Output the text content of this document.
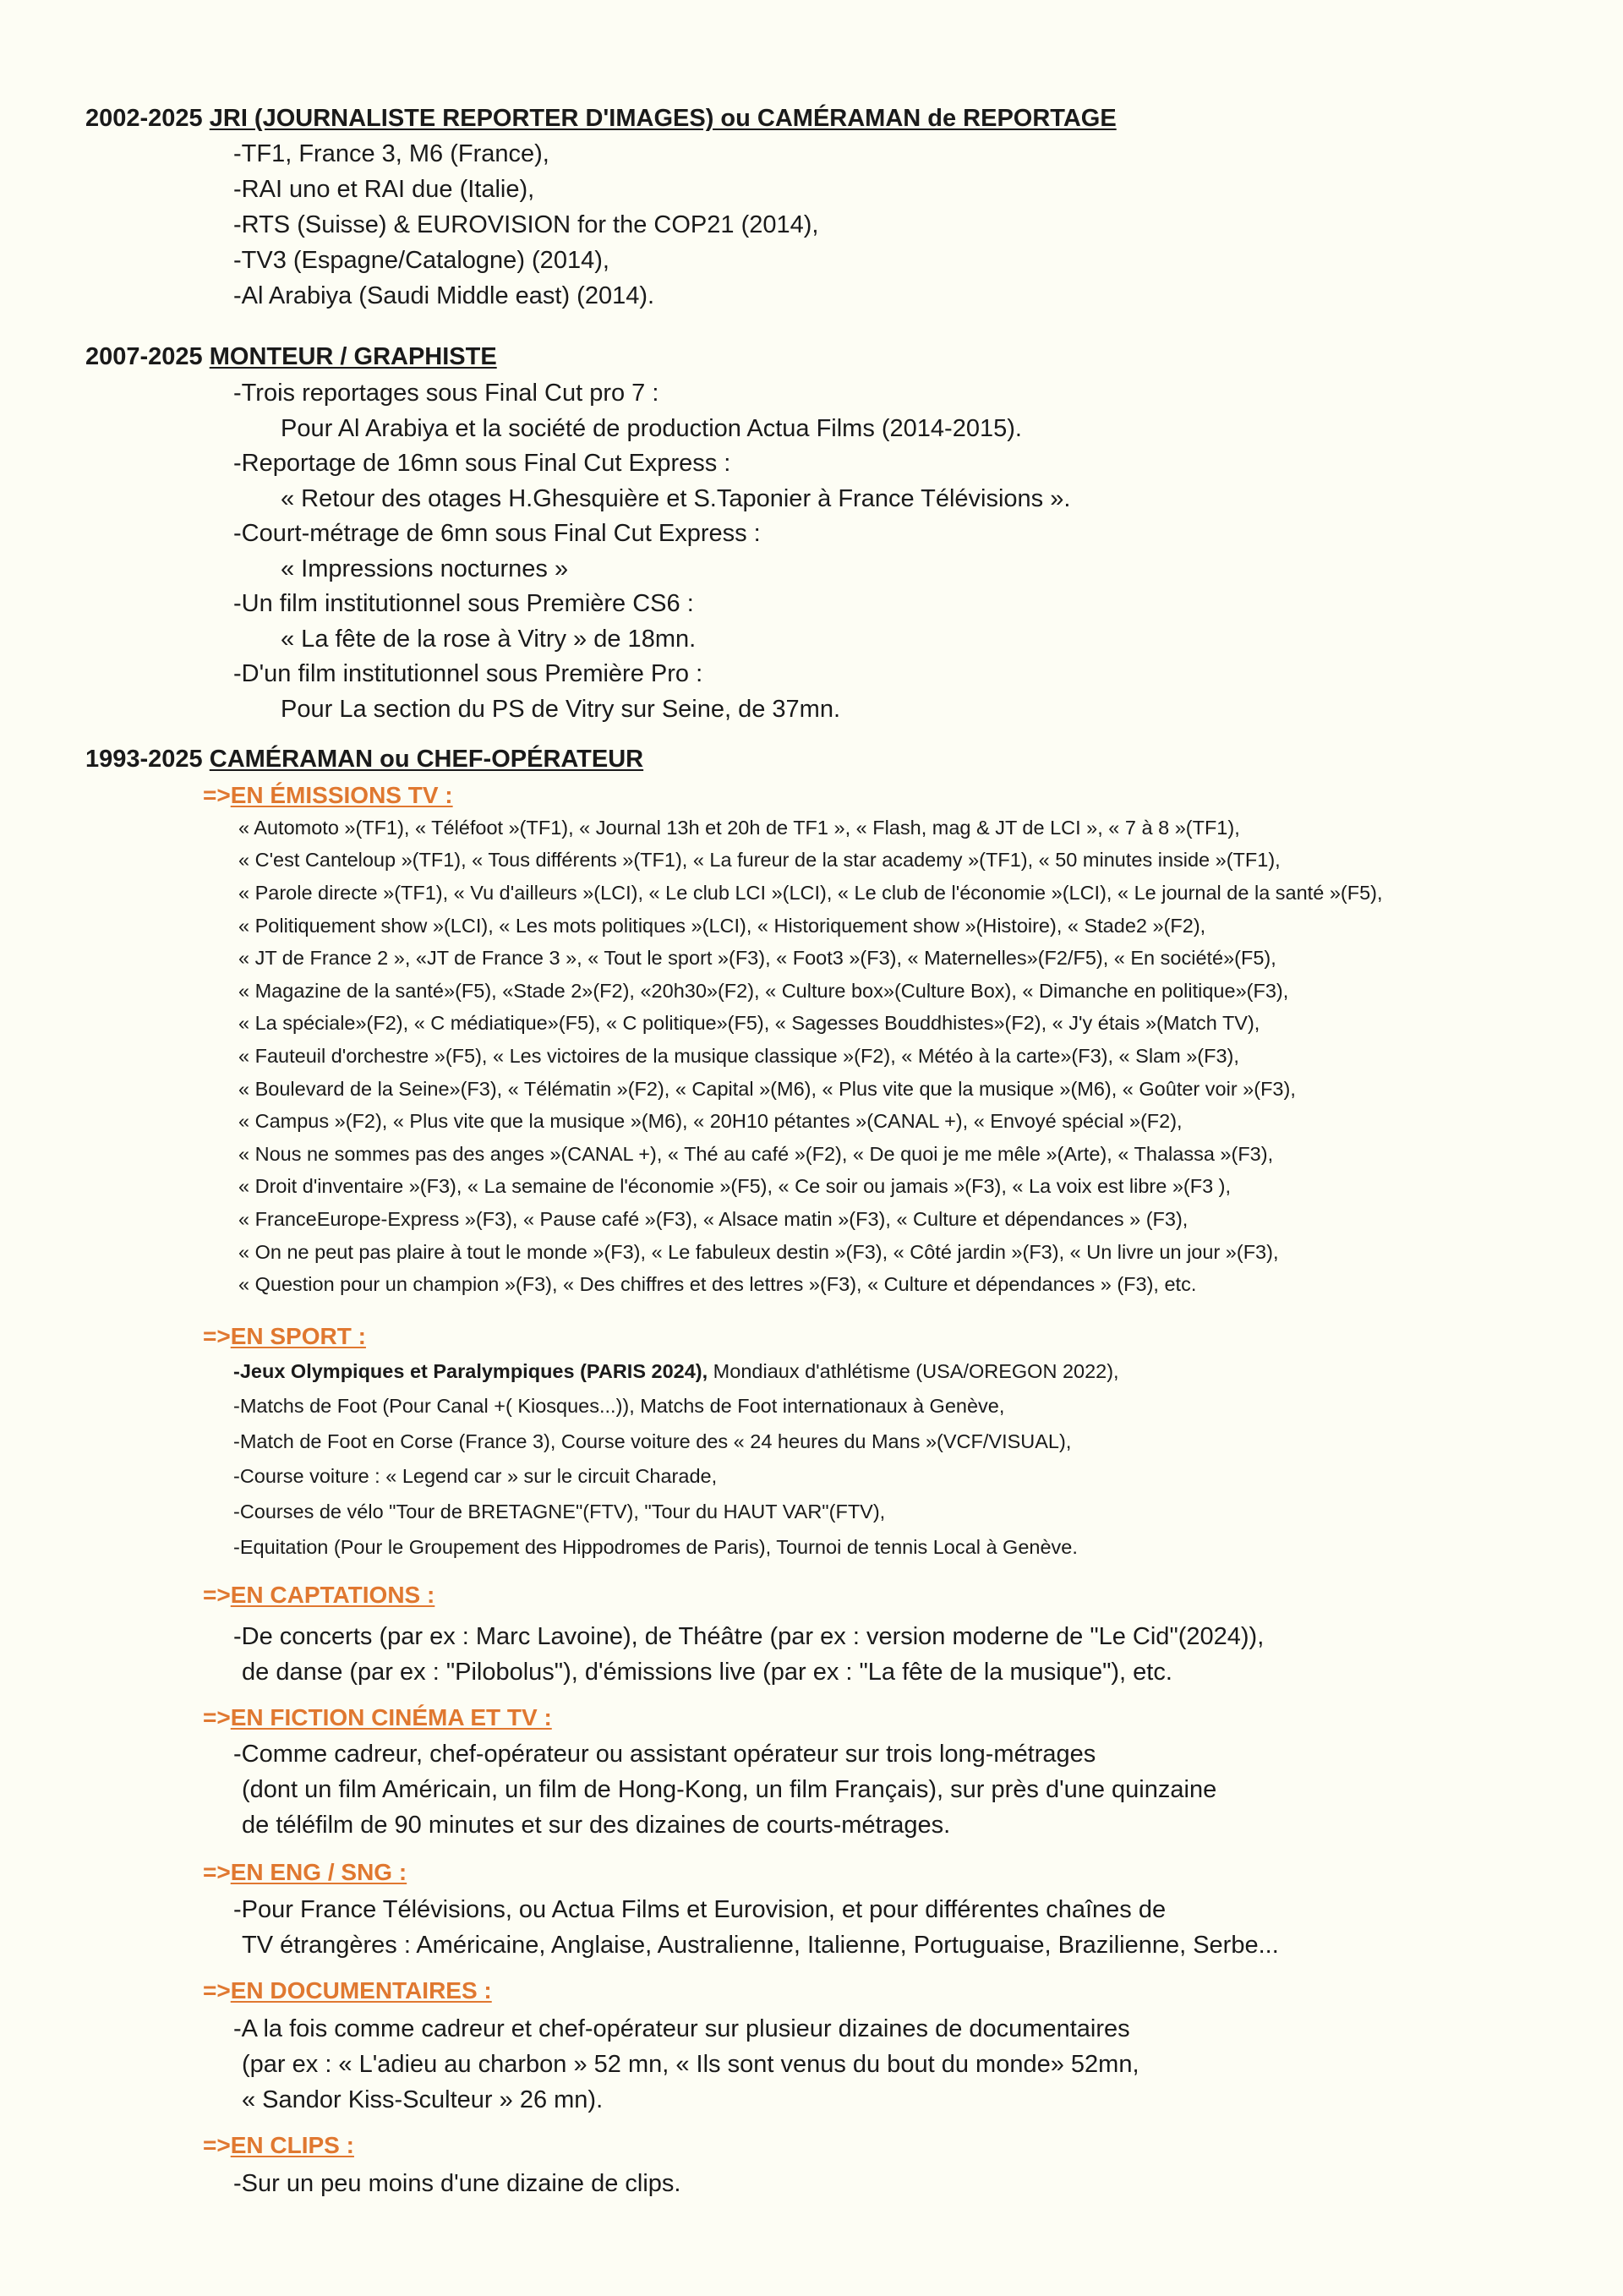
2002-2025 JRI (JOURNALISTE REPORTER D'IMAGES) ou CAMÉRAMAN de REPORTAGE
-TF1, France 3, M6 (France),
-RAI uno et RAI due (Italie),
-RTS (Suisse) & EUROVISION for the COP21 (2014),
-TV3 (Espagne/Catalogne) (2014),
-Al Arabiya (Saudi Middle east) (2014).
2007-2025 MONTEUR / GRAPHISTE
-Trois reportages sous Final Cut pro 7 :
Pour Al Arabiya et la société de production Actua Films (2014-2015).
-Reportage de 16mn sous Final Cut Express :
« Retour des otages H.Ghesquière et S.Taponier à France Télévisions ».
-Court-métrage de 6mn sous Final Cut Express :
« Impressions nocturnes »
-Un film institutionnel sous Première CS6 :
« La fête de la rose à Vitry » de 18mn.
-D'un film institutionnel sous Première Pro :
Pour La section du PS de Vitry sur Seine, de 37mn.
1993-2025 CAMÉRAMAN ou CHEF-OPÉRATEUR
=>EN ÉMISSIONS TV :
« Automoto »(TF1), « Téléfoot »(TF1), « Journal 13h et 20h de TF1 », « Flash, mag & JT de LCI », « 7 à 8 »(TF1),
« C'est Canteloup »(TF1), « Tous différents »(TF1), « La fureur de la star academy »(TF1), « 50 minutes inside »(TF1),
« Parole directe »(TF1), « Vu d'ailleurs »(LCI), « Le club LCI »(LCI), « Le club de l'économie »(LCI), « Le journal de la santé »(F5),
« Politiquement show »(LCI), « Les mots politiques »(LCI), « Historiquement show »(Histoire), « Stade2 »(F2),
« JT de France 2 », «JT de France 3 », « Tout le sport »(F3), « Foot3 »(F3), « Maternelles»(F2/F5), « En société»(F5),
« Magazine de la santé»(F5), «Stade 2»(F2), «20h30»(F2), « Culture box»(Culture Box), « Dimanche en politique»(F3),
« La spéciale»(F2), « C médiatique»(F5), « C politique»(F5), « Sagesses Bouddhistes»(F2), « J'y étais »(Match TV),
« Fauteuil d'orchestre »(F5), « Les victoires de la musique classique »(F2), « Météo à la carte»(F3), « Slam »(F3),
« Boulevard de la Seine»(F3), « Télématin »(F2), « Capital »(M6), « Plus vite que la musique »(M6), « Goûter voir »(F3),
« Campus »(F2), « Plus vite que la musique »(M6), « 20H10 pétantes »(CANAL +), « Envoyé spécial »(F2),
« Nous ne sommes pas des anges »(CANAL +), « Thé au café »(F2), « De quoi je me mêle »(Arte), « Thalassa »(F3),
« Droit d'inventaire »(F3), « La semaine de l'économie »(F5), « Ce soir ou jamais »(F3), « La voix est libre »(F3 ),
« FranceEurope-Express »(F3), « Pause café »(F3), « Alsace matin »(F3), « Culture et dépendances » (F3),
« On ne peut pas plaire à tout le monde »(F3), « Le fabuleux destin »(F3), « Côté jardin »(F3), « Un livre un jour »(F3),
« Question pour un champion »(F3), « Des chiffres et des lettres »(F3), « Culture et dépendances » (F3), etc.
=>EN SPORT :
-Jeux Olympiques et Paralympiques (PARIS 2024), Mondiaux d'athlétisme (USA/OREGON 2022),
-Matchs de Foot (Pour Canal +( Kiosques...)), Matchs de Foot internationaux à Genève,
-Match de Foot en Corse (France 3), Course voiture des « 24 heures du Mans »(VCF/VISUAL),
-Course voiture : « Legend car » sur le circuit Charade,
-Courses de vélo "Tour de BRETAGNE"(FTV), "Tour du HAUT VAR"(FTV),
-Equitation (Pour le Groupement des Hippodromes de Paris), Tournoi de tennis Local à Genève.
=>EN CAPTATIONS :
-De concerts (par ex : Marc Lavoine), de Théâtre (par ex : version moderne de "Le Cid"(2024)),
de danse (par ex : "Pilobolus"), d'émissions live (par ex : "La fête de la musique"), etc.
=>EN FICTION CINÉMA ET TV :
-Comme cadreur, chef-opérateur ou assistant opérateur sur trois long-métrages
(dont un film Américain, un film de Hong-Kong, un film Français), sur près d'une quinzaine
de téléfilm de 90 minutes et sur des dizaines de courts-métrages.
=>EN ENG / SNG :
-Pour France Télévisions, ou Actua Films et Eurovision, et pour différentes chaînes de
TV étrangères : Américaine, Anglaise, Australienne, Italienne, Portuguaise, Brazilienne, Serbe...
=>EN DOCUMENTAIRES :
-A la fois comme cadreur et chef-opérateur sur plusieur dizaines de documentaires
(par ex : « L'adieu au charbon » 52 mn, « Ils sont venus du bout du monde» 52mn,
« Sandor Kiss-Sculteur » 26 mn).
=>EN CLIPS :
-Sur un peu moins d'une dizaine de clips.
